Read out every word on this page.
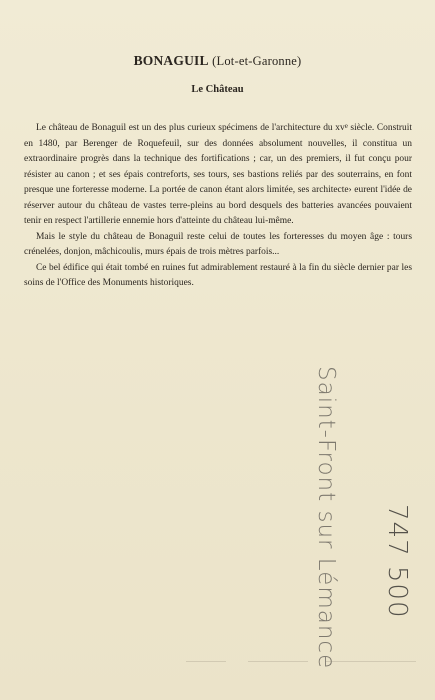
BONAGUIL (Lot-et-Garonne)
Le Château

Le château de Bonaguil est un des plus curieux spécimens de l'architecture du $xv^e$ siècle. Construit en 1480, par Berenger de Roquefeuil, sur des données absolument nouvelles, il constitua un extraordinaire progrès dans la technique des fortifications ; car, un des premiers, il fut conçu pour résister au canon ; et ses épais contreforts, ses tours, ses bastions reliés par des souterrains, en font presque une forteresse moderne. La portée de canon étant alors limitée, ses architecte› eurent l'idée de réserver autour du château de vastes terre-pleins au bord desquels des batteries avancées pouvaient tenir en respect l'artillerie ennemie hors d'atteinte du château lui-même.

Mais le style du château de Bonaguil reste celui de toutes les forteresses du moyen âge : tours crénelées, donjon, mâchicoulis, murs épais de trois mètres parfois...

Ce bel édifice qui était tombé en ruines fut admirablement restauré à la fin du siècle dernier par les soins de l'Office des Monuments historiques.

Saint-Front sur Lémance 747 500
